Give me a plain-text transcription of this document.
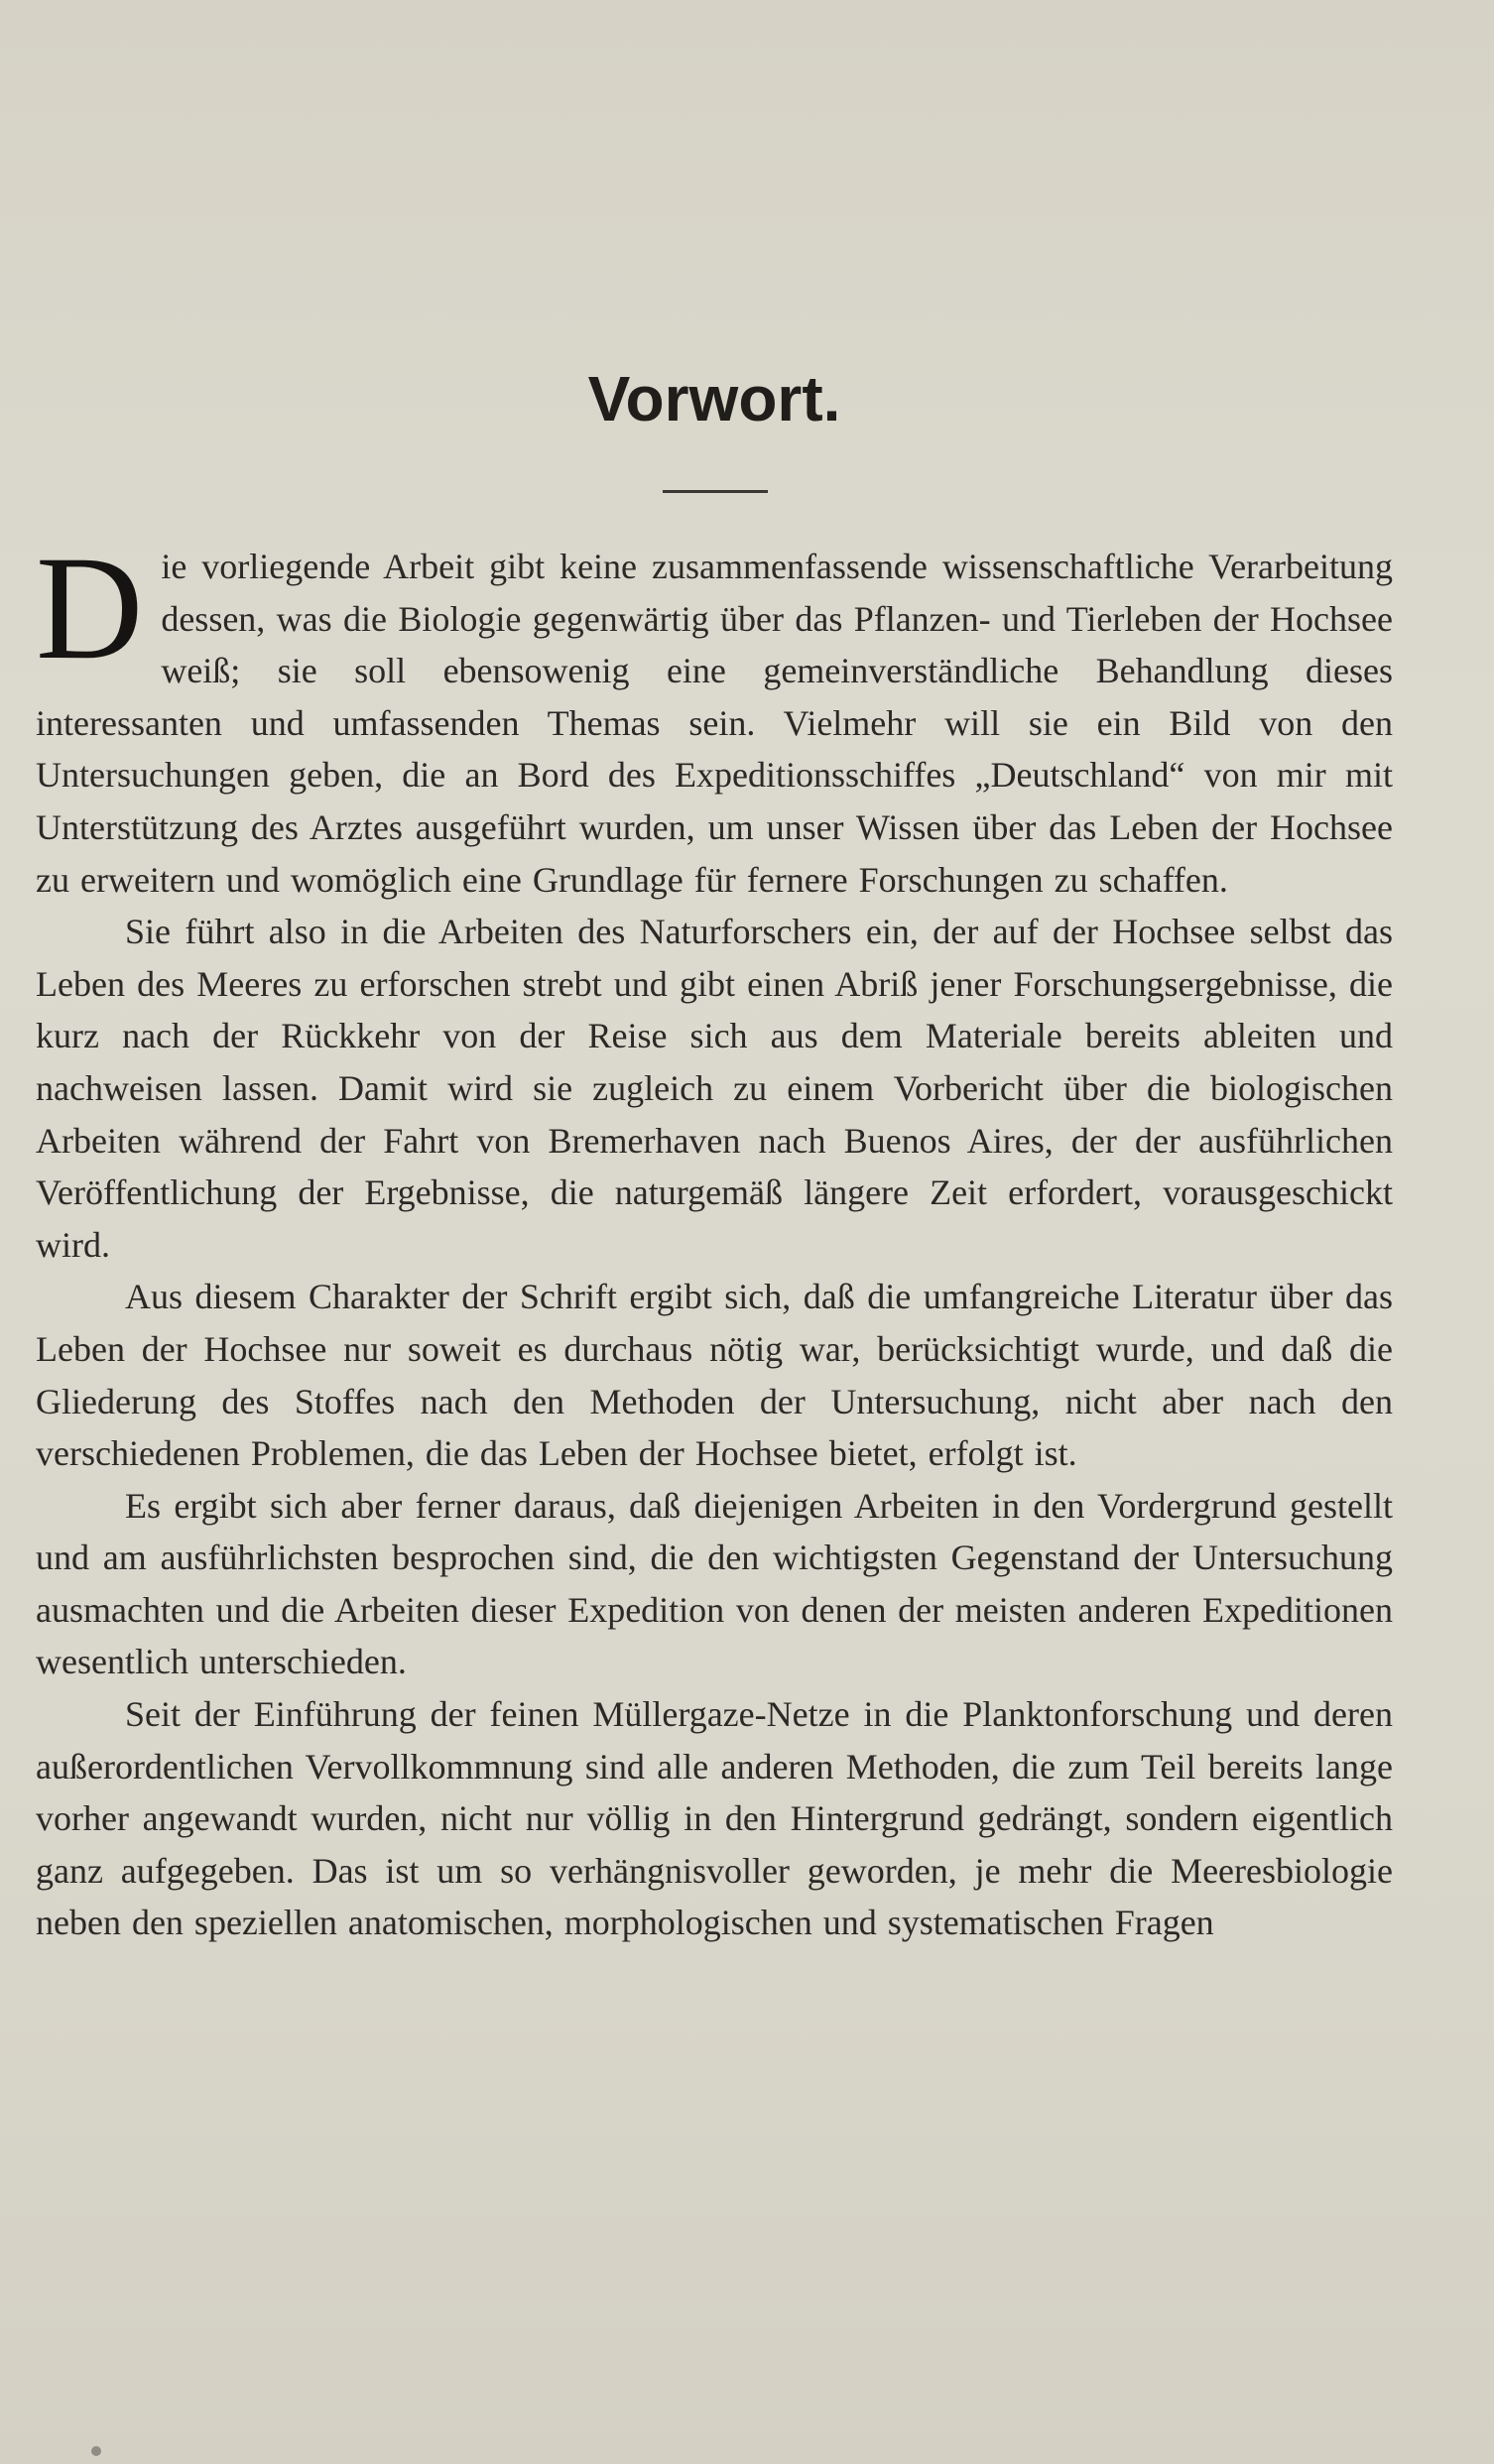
Vorwort.

Die vorliegende Arbeit gibt keine zusammenfassende wissenschaftliche Verarbeitung dessen, was die Biologie gegenwärtig über das Pflanzen- und Tierleben der Hochsee weiß; sie soll ebensowenig eine gemeinverständliche Behandlung dieses interessanten und umfassenden Themas sein. Vielmehr will sie ein Bild von den Untersuchungen geben, die an Bord des Expeditionsschiffes „Deutschland“ von mir mit Unterstützung des Arztes ausgeführt wurden, um unser Wissen über das Leben der Hochsee zu erweitern und womöglich eine Grundlage für fernere Forschungen zu schaffen.

Sie führt also in die Arbeiten des Naturforschers ein, der auf der Hochsee selbst das Leben des Meeres zu erforschen strebt und gibt einen Abriß jener Forschungsergebnisse, die kurz nach der Rückkehr von der Reise sich aus dem Materiale bereits ableiten und nachweisen lassen. Damit wird sie zugleich zu einem Vorbericht über die biologischen Arbeiten während der Fahrt von Bremerhaven nach Buenos Aires, der der ausführlichen Veröffentlichung der Ergebnisse, die naturgemäß längere Zeit erfordert, vorausgeschickt wird.

Aus diesem Charakter der Schrift ergibt sich, daß die umfangreiche Literatur über das Leben der Hochsee nur soweit es durchaus nötig war, berücksichtigt wurde, und daß die Gliederung des Stoffes nach den Methoden der Untersuchung, nicht aber nach den verschiedenen Problemen, die das Leben der Hochsee bietet, erfolgt ist.

Es ergibt sich aber ferner daraus, daß diejenigen Arbeiten in den Vordergrund gestellt und am ausführlichsten besprochen sind, die den wichtigsten Gegenstand der Untersuchung ausmachten und die Arbeiten dieser Expedition von denen der meisten anderen Expeditionen wesentlich unterschieden.

Seit der Einführung der feinen Müllergaze-Netze in die Planktonforschung und deren außerordentlichen Vervollkommnung sind alle anderen Methoden, die zum Teil bereits lange vorher angewandt wurden, nicht nur völlig in den Hintergrund gedrängt, sondern eigentlich ganz aufgegeben. Das ist um so verhängnisvoller geworden, je mehr die Meeresbiologie neben den speziellen anatomischen, morphologischen und systematischen Fragen
